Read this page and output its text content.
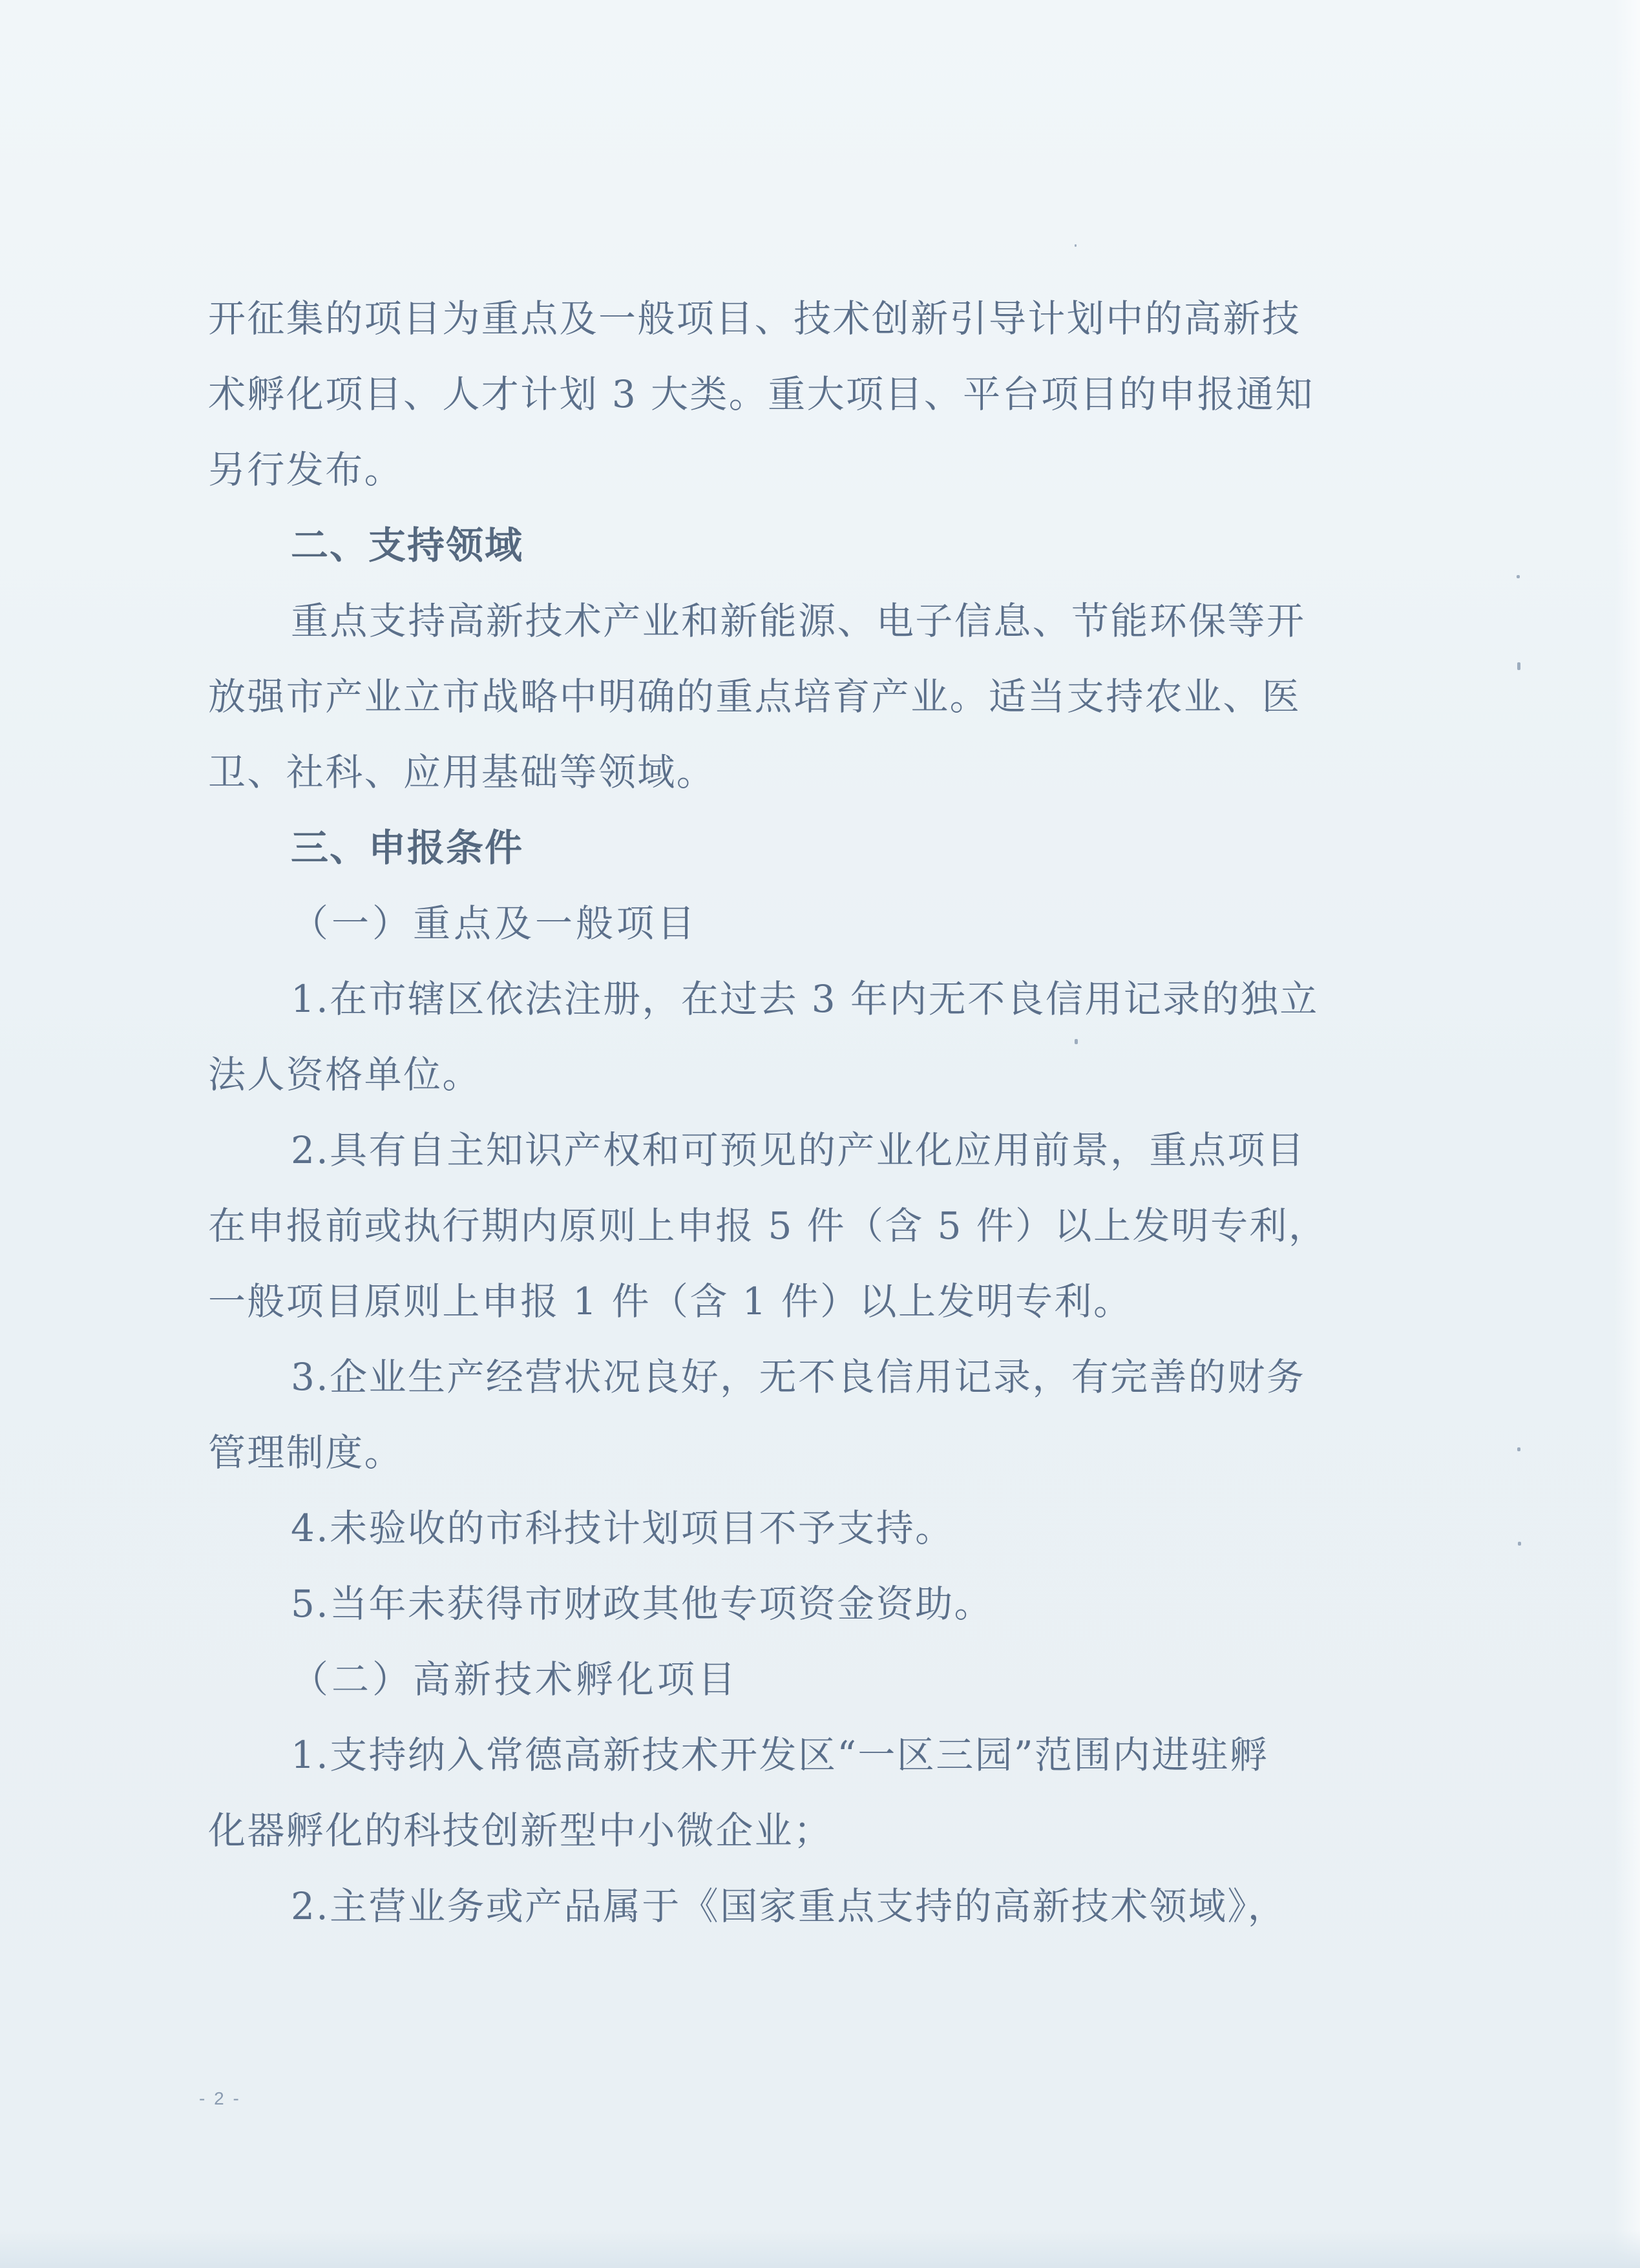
开征集的项目为重点及一般项目、技术创新引导计划中的高新技

术孵化项目、人才计划 3 大类。重大项目、平台项目的申报通知

另行发布。

二、支持领域

重点支持高新技术产业和新能源、电子信息、节能环保等开

放强市产业立市战略中明确的重点培育产业。适当支持农业、医

卫、社科、应用基础等领域。

三、申报条件

（一）重点及一般项目

1.在市辖区依法注册，在过去 3 年内无不良信用记录的独立

法人资格单位。

2.具有自主知识产权和可预见的产业化应用前景，重点项目

在申报前或执行期内原则上申报 5 件（含 5 件）以上发明专利，

一般项目原则上申报 1 件（含 1 件）以上发明专利。

3.企业生产经营状况良好，无不良信用记录，有完善的财务

管理制度。

4.未验收的市科技计划项目不予支持。

5.当年未获得市财政其他专项资金资助。

（二）高新技术孵化项目

1.支持纳入常德高新技术开发区“一区三园”范围内进驻孵

化器孵化的科技创新型中小微企业；

2.主营业务或产品属于《国家重点支持的高新技术领域》，

- 2 -
